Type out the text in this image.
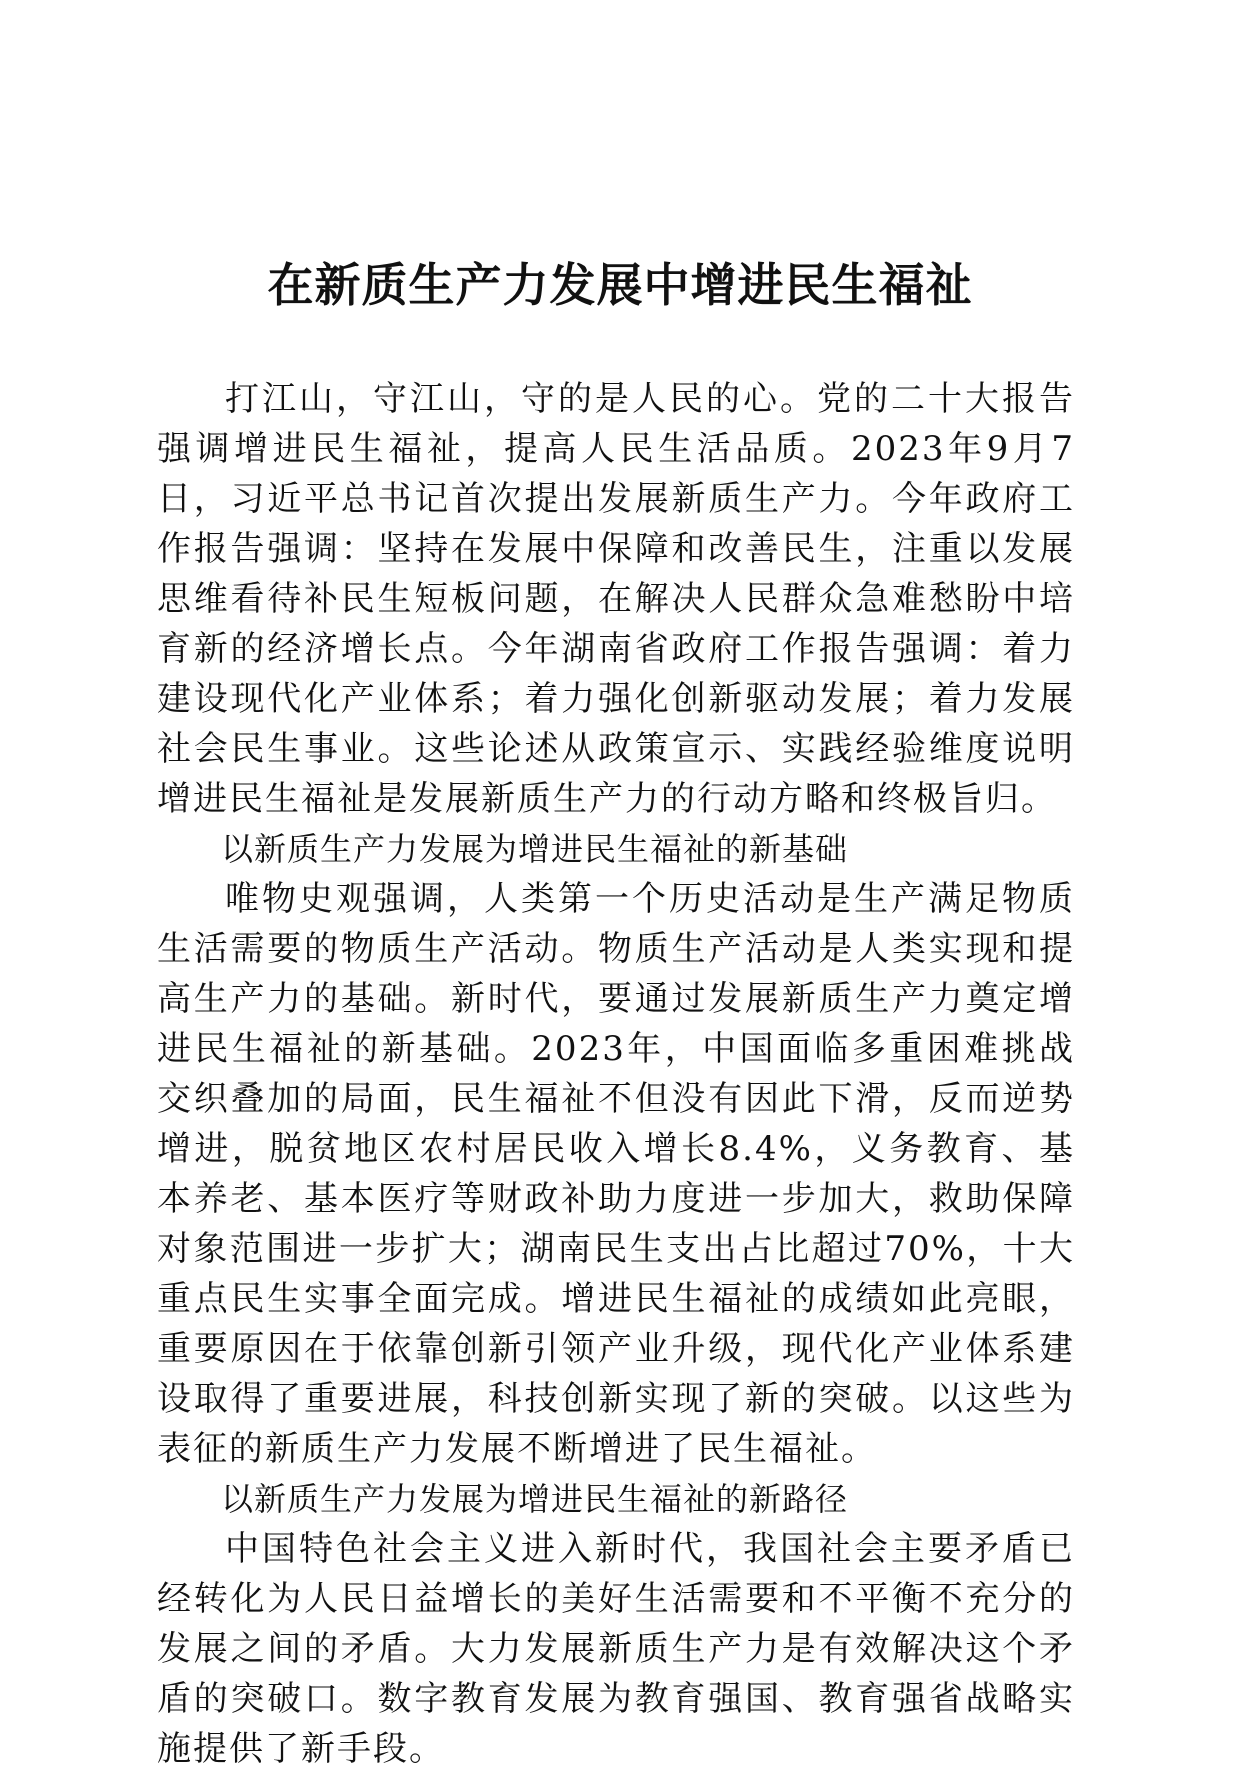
在新质生产力发展中增进民生福祉

打江山，守江山，守的是人民的心。党的二十大报告强调增进民生福祉，提高人民生活品质。2023年9月7日，习近平总书记首次提出发展新质生产力。今年政府工作报告强调：坚持在发展中保障和改善民生，注重以发展思维看待补民生短板问题，在解决人民群众急难愁盼中培育新的经济增长点。今年湖南省政府工作报告强调：着力建设现代化产业体系；着力强化创新驱动发展；着力发展社会民生事业。这些论述从政策宣示、实践经验维度说明增进民生福祉是发展新质生产力的行动方略和终极旨归。

以新质生产力发展为增进民生福祉的新基础

唯物史观强调，人类第一个历史活动是生产满足物质生活需要的物质生产活动。物质生产活动是人类实现和提高生产力的基础。新时代，要通过发展新质生产力奠定增进民生福祉的新基础。2023年，中国面临多重困难挑战交织叠加的局面，民生福祉不但没有因此下滑，反而逆势增进，脱贫地区农村居民收入增长8.4%，义务教育、基本养老、基本医疗等财政补助力度进一步加大，救助保障对象范围进一步扩大；湖南民生支出占比超过70%，十大重点民生实事全面完成。增进民生福祉的成绩如此亮眼，重要原因在于依靠创新引领产业升级，现代化产业体系建设取得了重要进展，科技创新实现了新的突破。以这些为表征的新质生产力发展不断增进了民生福祉。

以新质生产力发展为增进民生福祉的新路径

中国特色社会主义进入新时代，我国社会主要矛盾已经转化为人民日益增长的美好生活需要和不平衡不充分的发展之间的矛盾。大力发展新质生产力是有效解决这个矛盾的突破口。数字教育发展为教育强国、教育强省战略实施提供了新手段。
